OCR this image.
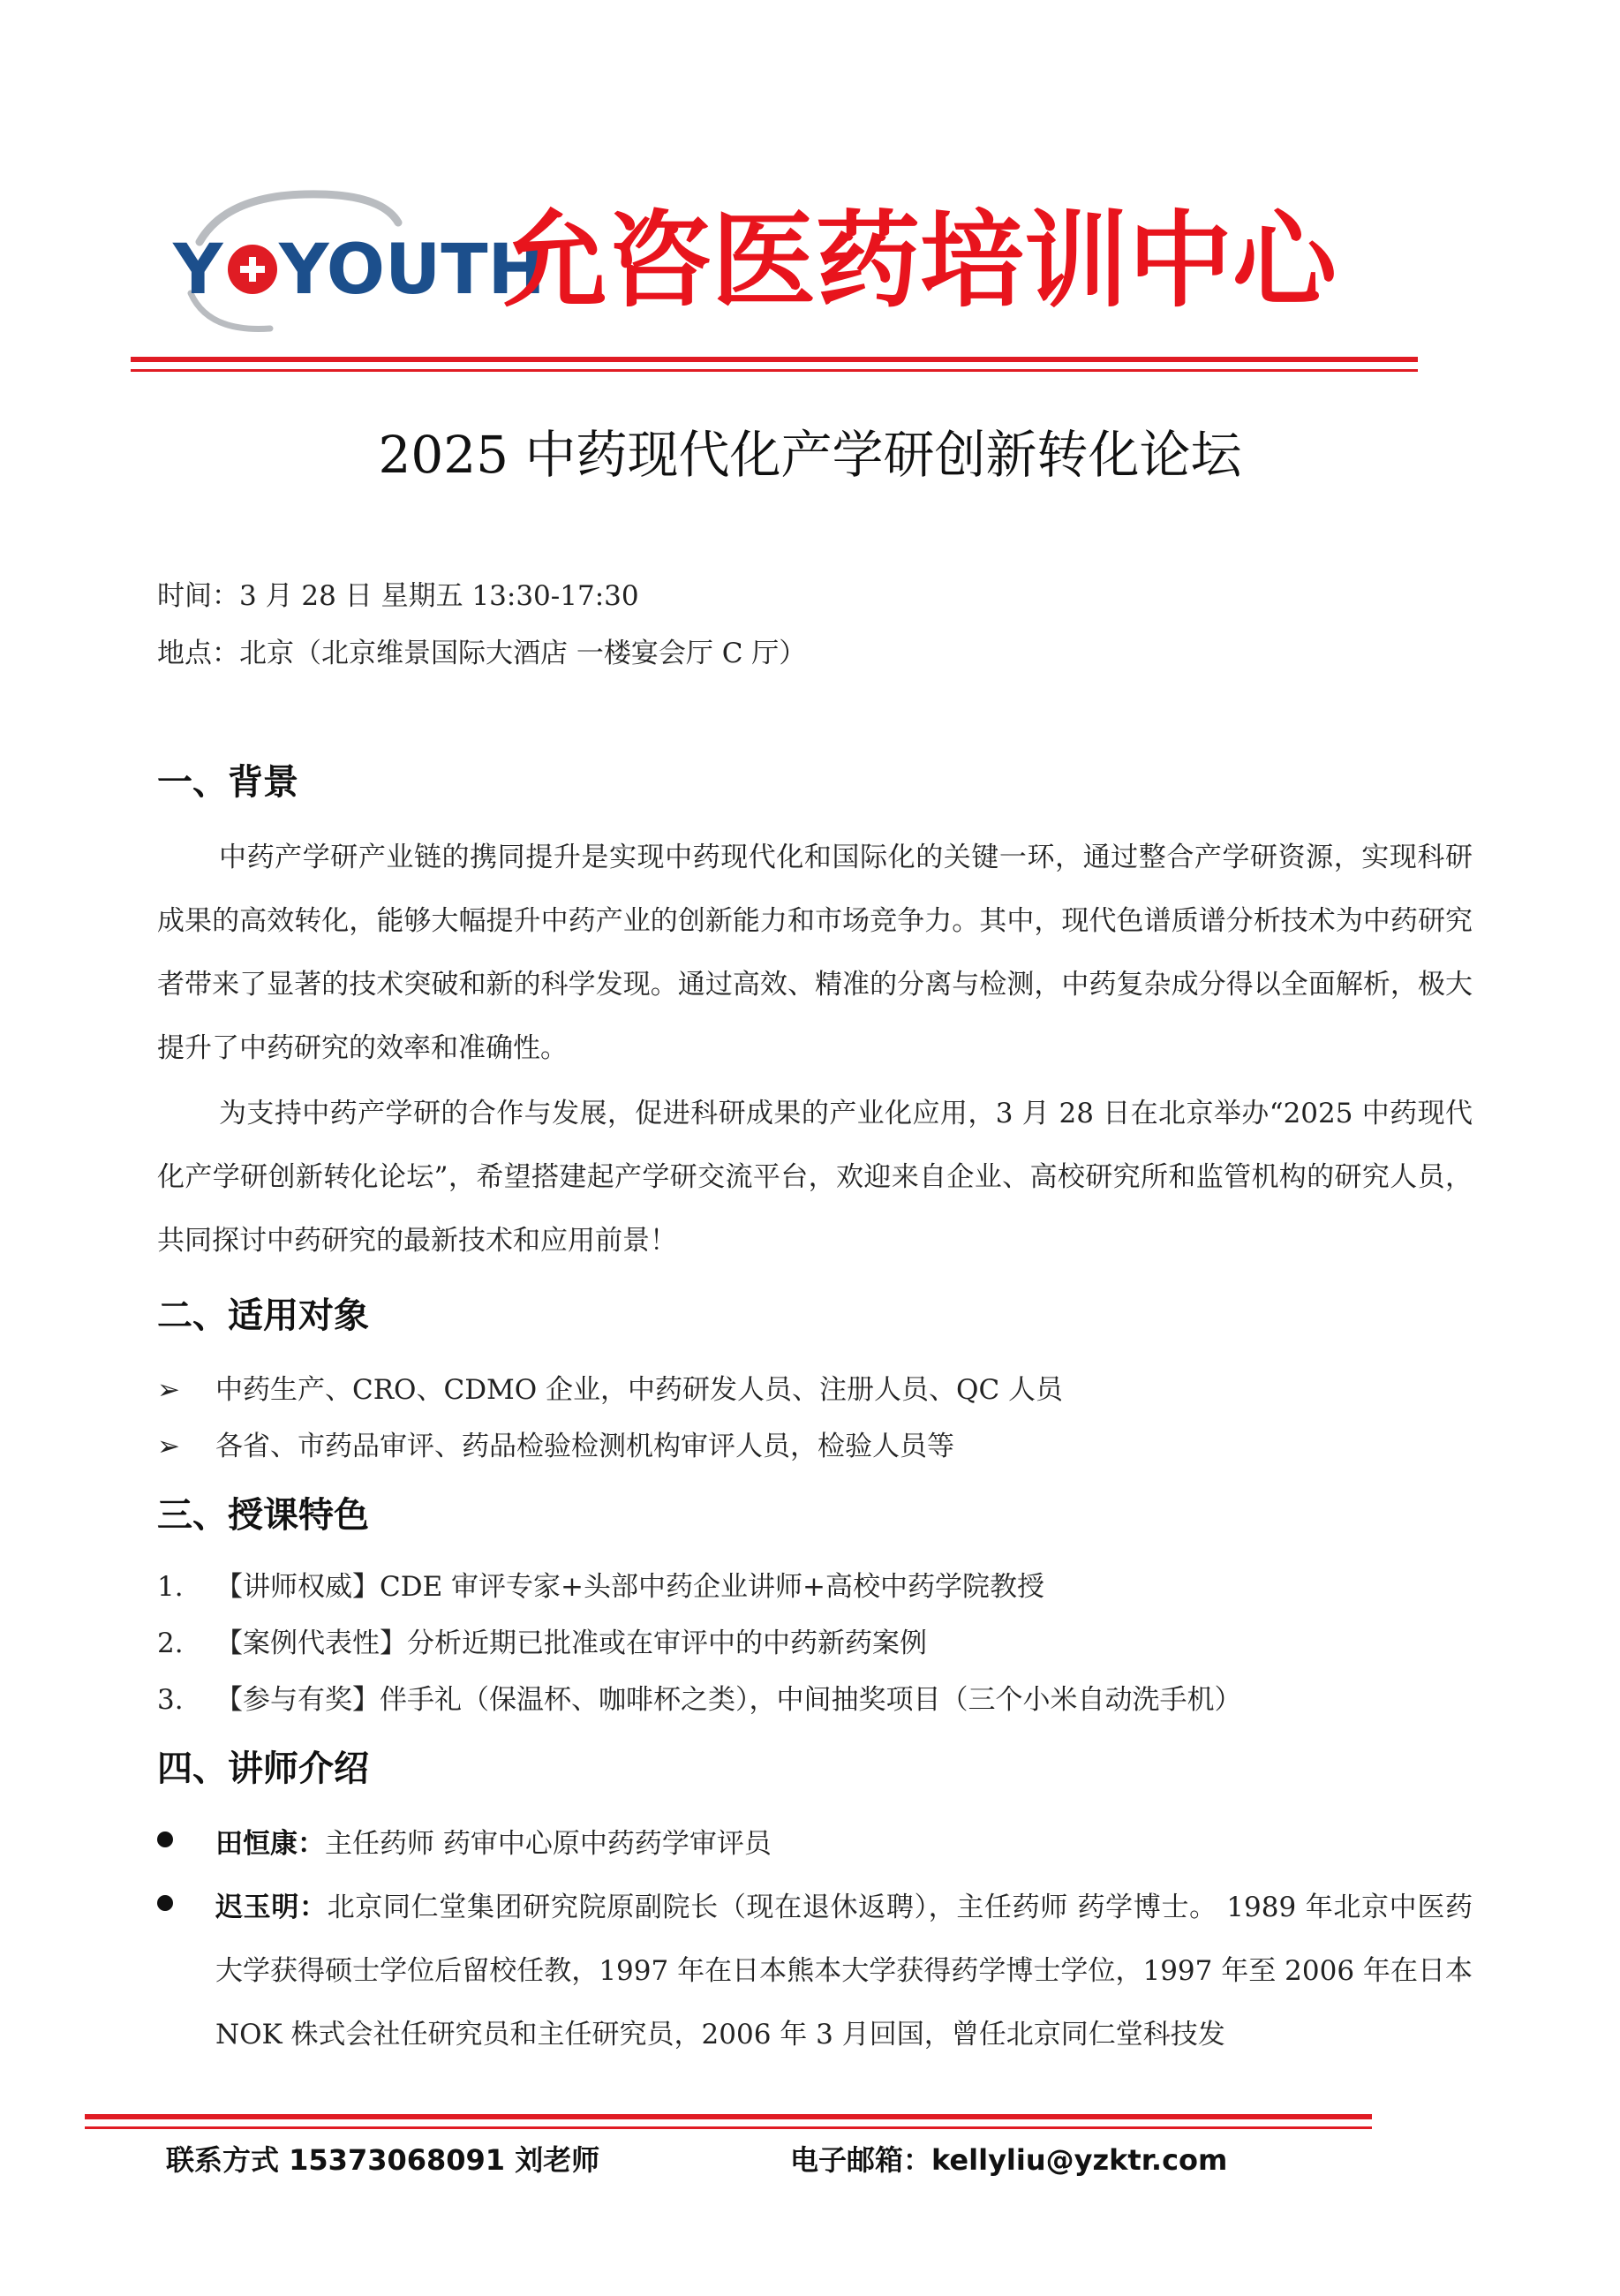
Y YOUTH
允咨医药培训中心
2025 中药现代化产学研创新转化论坛
时间：3 月 28 日 星期五 13:30-17:30
地点：北京（北京维景国际大酒店 一楼宴会厅 C 厅）
一、背景

中药产学研产业链的携同提升是实现中药现代化和国际化的关键一环，通过整合产学研资源，实现科研成果的高效转化，能够大幅提升中药产业的创新能力和市场竞争力。其中，现代色谱质谱分析技术为中药研究者带来了显著的技术突破和新的科学发现。通过高效、精准的分离与检测，中药复杂成分得以全面解析，极大提升了中药研究的效率和准确性。

为支持中药产学研的合作与发展，促进科研成果的产业化应用，3 月 28 日在北京举办“2025 中药现代化产学研创新转化论坛”，希望搭建起产学研交流平台，欢迎来自企业、高校研究所和监管机构的研究人员，共同探讨中药研究的最新技术和应用前景！

二、适用对象
➢ 中药生产、CRO、CDMO 企业，中药研发人员、注册人员、QC 人员
➢ 各省、市药品审评、药品检验检测机构审评人员，检验人员等
三、授课特色
1. 【讲师权威】CDE 审评专家+头部中药企业讲师+高校中药学院教授
2. 【案例代表性】分析近期已批准或在审评中的中药新药案例
3. 【参与有奖】伴手礼（保温杯、咖啡杯之类），中间抽奖项目（三个小米自动洗手机）
四、讲师介绍
田恒康：主任药师 药审中心原中药药学审评员
迟玉明：北京同仁堂集团研究院原副院长（现在退休返聘），主任药师 药学博士。 1989 年北京中医药大学获得硕士学位后留校任教，1997 年在日本熊本大学获得药学博士学位，1997 年至 2006 年在日本 NOK 株式会社任研究员和主任研究员，2006 年 3 月回国，曾任北京同仁堂科技发
联系方式 15373068091 刘老师	电子邮箱：kellyliu@yzktr.com
